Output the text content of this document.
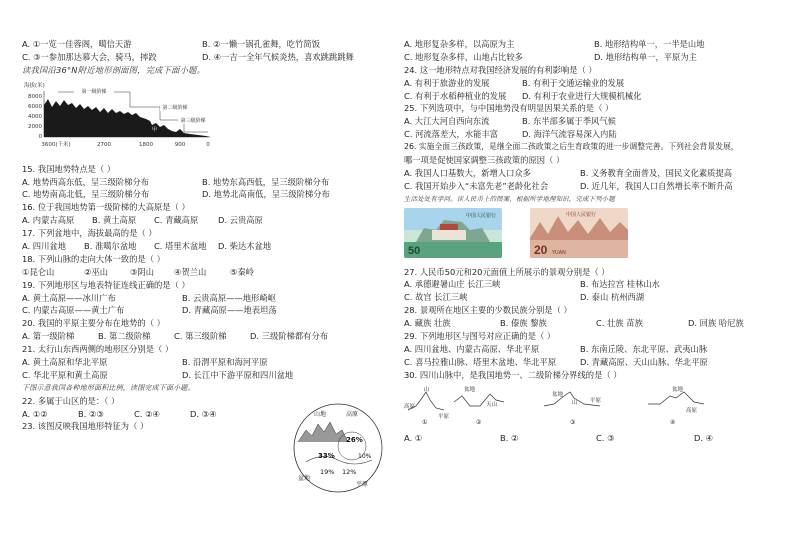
A. ①一览一佳蓉阁，噶信天游	B. ②一懒一锅孔雀舞，吃竹简饭
C. ③一参加那达慕大会，骑马，摔跤	D. ④一吉一全年气候炎热，喜欢跳跳跳舞
读我国沿36°N附近地形剖面图，完成下面小题。
海拔(米)
8000
6000
4000
2000
0
第一级阶梯
第二级阶梯
第三级阶梯
甲
乙
3600(千米)	2700	1800	900	0
15. 我国地势特点是（ ）
A. 地势西高东低，呈三级阶梯分布	B. 地势东高西低，呈三级阶梯分布
C. 地势南高北低，呈三级阶梯分布	D. 地势北高南低，呈三级阶梯分布
16. 位于我国地势第一级阶梯的大高原是（ ）
A. 内蒙古高原 B. 黄土高原 C. 青藏高原 D. 云贵高原
17. 下列盆地中，海拔最高的是（ ）
A. 四川盆地 B. 准噶尔盆地 C. 塔里木盆地 D. 柴达木盆地
18. 下列山脉的走向大体一致的是（ ）
①昆仑山	②巫山	③阴山 ④贺兰山	⑤秦岭
19. 下列地形区与地表特征连线正确的是（ ）
A. 黄土高原——冰川广布	B. 云贵高原——地形崎岖
C. 内蒙古高原——黄土广布	D. 青藏高原——地表坦荡
20. 我国的平原主要分布在地势的（ ）
A. 第一级阶梯	B. 第二级阶梯	C. 第三级阶梯	D. 三级阶梯都有分布
21. 太行山东西两侧的地形区分别是（ ）
A. 黄土高原和华北平原	B. 沿渭平原和海河平原
C. 华北平原和黄土高原	D. 长江中下游平原和四川盆地
下图示意我国各种地形面积比例，读图完成下面小题。
22. 多属于山区的是：（ ）
A. ①②	B. ②③	C. ②④	D. ③④
23. 该图反映我国地形特征为（ ）
山地	高原
盆地
平原
33%
26%
10%
19% 12%
A. 地形复杂多样，以高原为主	B. 地形结构单一，一半是山地
C. 地形复杂多样，山地占比较多	D. 地形结构单一，平原为主
24. 这一地形特点对我国经济发展的有利影响是（ ）
A. 有利于旅游业的发展	B. 有利于交通运输业的发展
C. 有利于水稻种植业的发展 D. 有利于农业进行大规模机械化
25. 下列选项中，与中国地势没有明显因果关系的是（ ）
A. 大江大河自西向东流	B. 东半部多属于季风气候
C. 河流落差大，水能丰富	D. 海洋气流容易深入内陆
26. 实施全面三孩政策，是继全面二孩政策之后生育政策的进一步调整完善。下列社会背景发展，
哪一项是促使国家调整三孩政策的原因（ ）
A. 我国人口基数大，新增人口众多	B. 义务教育全面普及，国民文化素质提高
C. 我国开始步入“未富先老”老龄化社会	D. 近几年，我国人口自然增长率不断升高
生活处处有学问。读人民币上的图案，根据所学地理知识，完成下列小题
50
中国人民银行
20 YUAN
中国人民银行
27. 人民币50元和20元面值上所展示的景观分别是（ ）
A. 承德避暑山庄 长江三峡	B. 布达拉宫 桂林山水
C. 故宫 长江三峡	D. 泰山 杭州西湖
28. 景观所在地区主要的少数民族分别是（ ）
A. 藏族 壮族	B. 傣族 黎族	C. 壮族 苗族	D. 回族 哈尼族
29. 下列地形区与图号对应正确的是（ ）
A. 四川盆地、内蒙古高原、华北平原	B. 东南丘陵、东北平原、武夷山脉
C. 喜马拉雅山脉、塔里木盆地、华北平原	D. 青藏高原、天山山脉、华北平原
30. 四川山脉中，是我国地势一、二级阶梯分界线的是（ ）
山
高原
平原
①
盆地
天山
②
盆地
山 平原
③
盆地
高原
④
A. ①	B. ②	C. ③	D. ④
